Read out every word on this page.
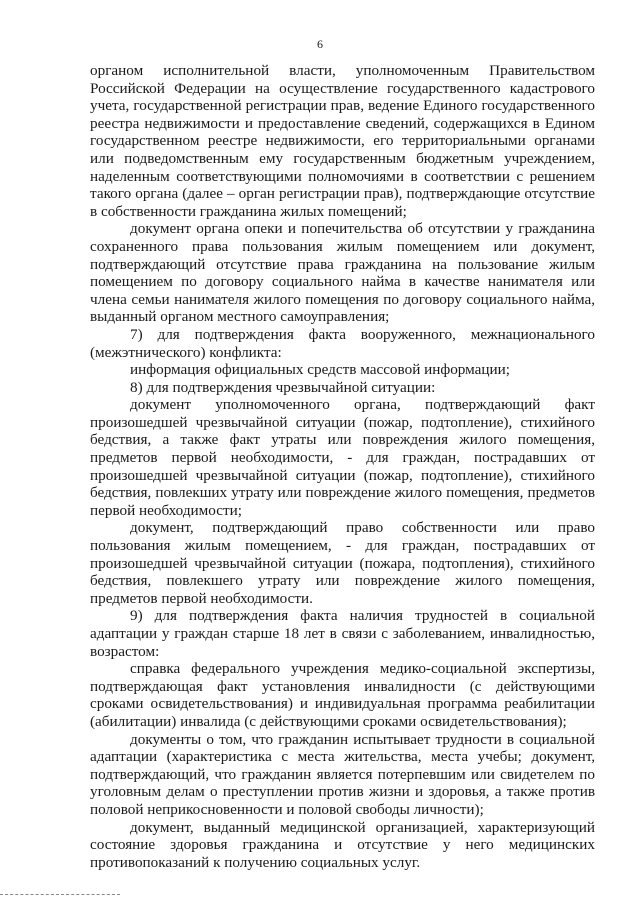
6

органом исполнительной власти, уполномоченным Правительством Российской Федерации на осуществление государственного кадастрового учета, государственной регистрации прав, ведение Единого государственного реестра недвижимости и предоставление сведений, содержащихся в Едином государственном реестре недвижимости, его территориальными органами или подведомственным ему государственным бюджетным учреждением, наделенным соответствующими полномочиями в соответствии с решением такого органа (далее – орган регистрации прав), подтверждающие отсутствие в собственности гражданина жилых помещений;

документ органа опеки и попечительства об отсутствии у гражданина сохраненного права пользования жилым помещением или документ, подтверждающий отсутствие права гражданина на пользование жилым помещением по договору социального найма в качестве нанимателя или члена семьи нанимателя жилого помещения по договору социального найма, выданный органом местного самоуправления;

7) для подтверждения факта вооруженного, межнационального (межэтнического) конфликта:

информация официальных средств массовой информации;

8) для подтверждения чрезвычайной ситуации:

документ уполномоченного органа, подтверждающий факт произошедшей чрезвычайной ситуации (пожар, подтопление), стихийного бедствия, а также факт утраты или повреждения жилого помещения, предметов первой необходимости, - для граждан, пострадавших от произошедшей чрезвычайной ситуации (пожар, подтопление), стихийного бедствия, повлекших утрату или повреждение жилого помещения, предметов первой необходимости;

документ, подтверждающий право собственности или право пользования жилым помещением, - для граждан, пострадавших от произошедшей чрезвычайной ситуации (пожара, подтопления), стихийного бедствия, повлекшего утрату или повреждение жилого помещения, предметов первой необходимости.

9) для подтверждения факта наличия трудностей в социальной адаптации у граждан старше 18 лет в связи с заболеванием, инвалидностью, возрастом:

справка федерального учреждения медико-социальной экспертизы, подтверждающая факт установления инвалидности (с действующими сроками освидетельствования) и индивидуальная программа реабилитации (абилитации) инвалида (с действующими сроками освидетельствования);

документы о том, что гражданин испытывает трудности в социальной адаптации (характеристика с места жительства, места учебы; документ, подтверждающий, что гражданин является потерпевшим или свидетелем по уголовным делам о преступлении против жизни и здоровья, а также против половой неприкосновенности и половой свободы личности);

документ, выданный медицинской организацией, характеризующий состояние здоровья гражданина и отсутствие у него медицинских противопоказаний к получению социальных услуг.
